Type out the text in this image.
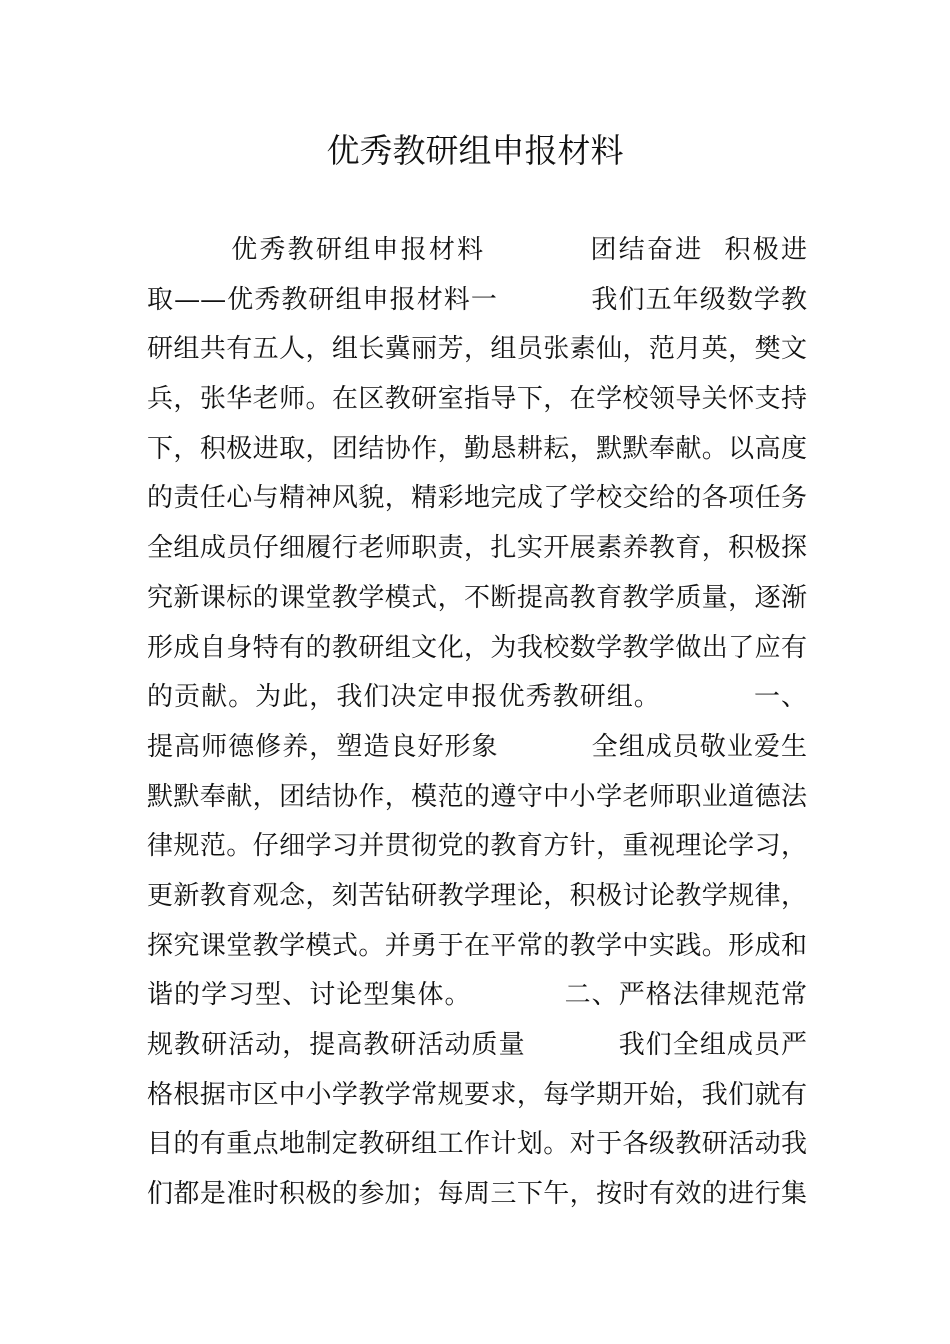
优秀教研组申报材料
优秀教研组申报材料          团结奋进  积极进
取——优秀教研组申报材料一          我们五年级数学教
研组共有五人，组长冀丽芳，组员张素仙，范月英，樊文
兵，张华老师。在区教研室指导下，在学校领导关怀支持
下，积极进取，团结协作，勤恳耕耘，默默奉献。以高度
的责任心与精神风貌，精彩地完成了学校交给的各项任务
全组成员仔细履行老师职责，扎实开展素养教育，积极探
究新课标的课堂教学模式，不断提高教育教学质量，逐渐
形成自身特有的教研组文化，为我校数学教学做出了应有
的贡献。为此，我们决定申报优秀教研组。          一、
提高师德修养，塑造良好形象          全组成员敬业爱生
默默奉献，团结协作，模范的遵守中小学老师职业道德法
律规范。仔细学习并贯彻党的教育方针，重视理论学习，
更新教育观念，刻苦钻研教学理论，积极讨论教学规律，
探究课堂教学模式。并勇于在平常的教学中实践。形成和
谐的学习型、讨论型集体。          二、严格法律规范常
规教研活动，提高教研活动质量          我们全组成员严
格根据市区中小学教学常规要求，每学期开始，我们就有
目的有重点地制定教研组工作计划。对于各级教研活动我
们都是准时积极的参加；每周三下午，按时有效的进行集
